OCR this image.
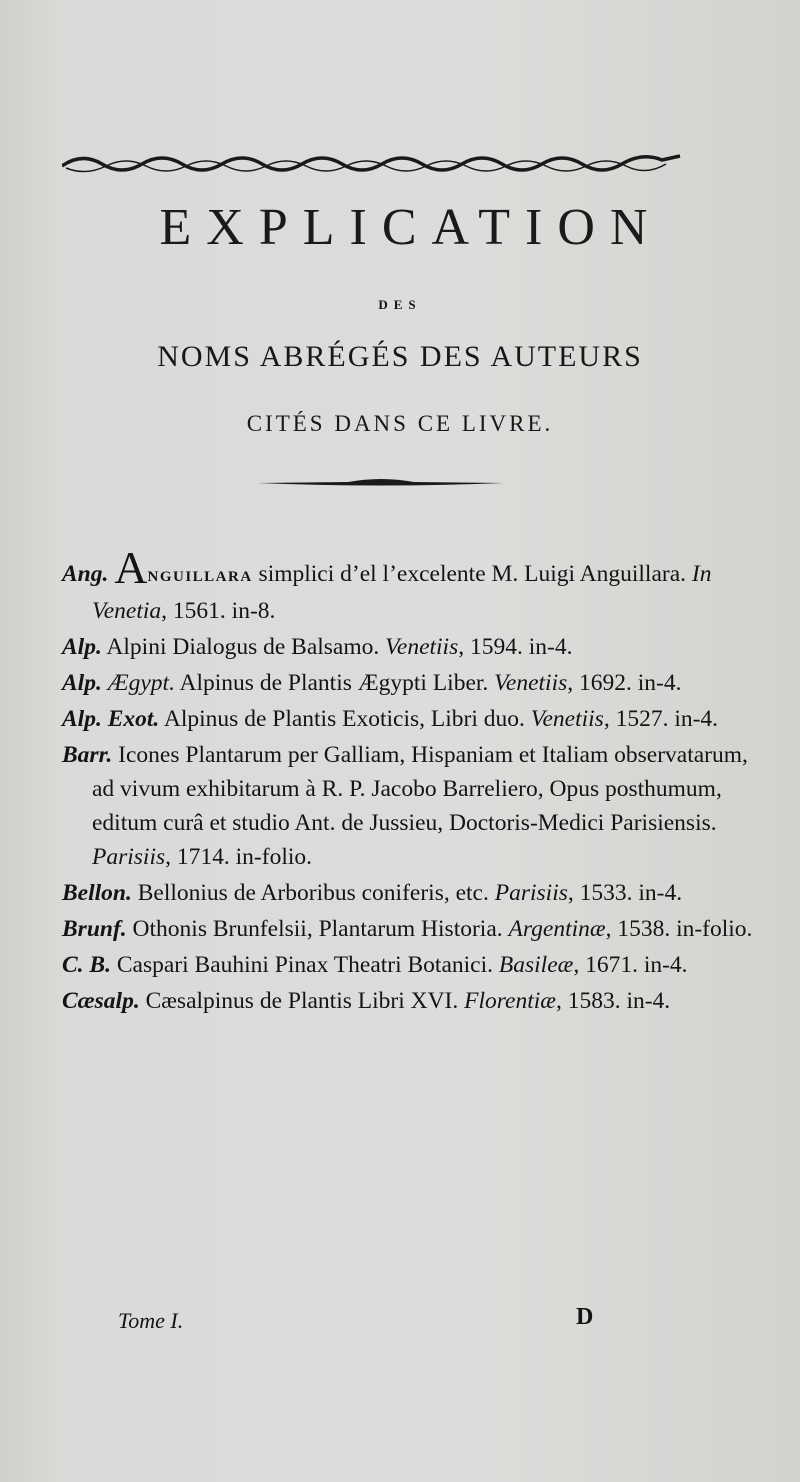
EXPLICATION
DES
NOMS ABRÉGÉS DES AUTEURS
CITÉS DANS CE LIVRE.

Ang. ANGUILLARA simplici d’el l’excelente M. Luigi Anguillara. In Venetia, 1561. in-8.

Alp. Alpini Dialogus de Balsamo. Venetiis, 1594. in-4.

Alp. Ægypt. Alpinus de Plantis Ægypti Liber. Venetiis, 1692. in-4.

Alp. Exot. Alpinus de Plantis Exoticis, Libri duo. Venetiis, 1527. in-4.

Barr. Icones Plantarum per Galliam, Hispaniam et Italiam observatarum, ad vivum exhibitarum à R. P. Jacobo Barreliero, Opus posthumum, editum curâ et studio Ant. de Jussieu, Doctoris-Medici Parisiensis. Parisiis, 1714. in-folio.

Bellon. Bellonius de Arboribus coniferis, etc. Parisiis, 1533. in-4.

Brunf. Othonis Brunfelsii, Plantarum Historia. Argentinæ, 1538. in-folio.

C. B. Caspari Bauhini Pinax Theatri Botanici. Basileæ, 1671. in-4.

Cæsalp. Cæsalpinus de Plantis Libri XVI. Florentiæ, 1583. in-4.

Tome I.	D
